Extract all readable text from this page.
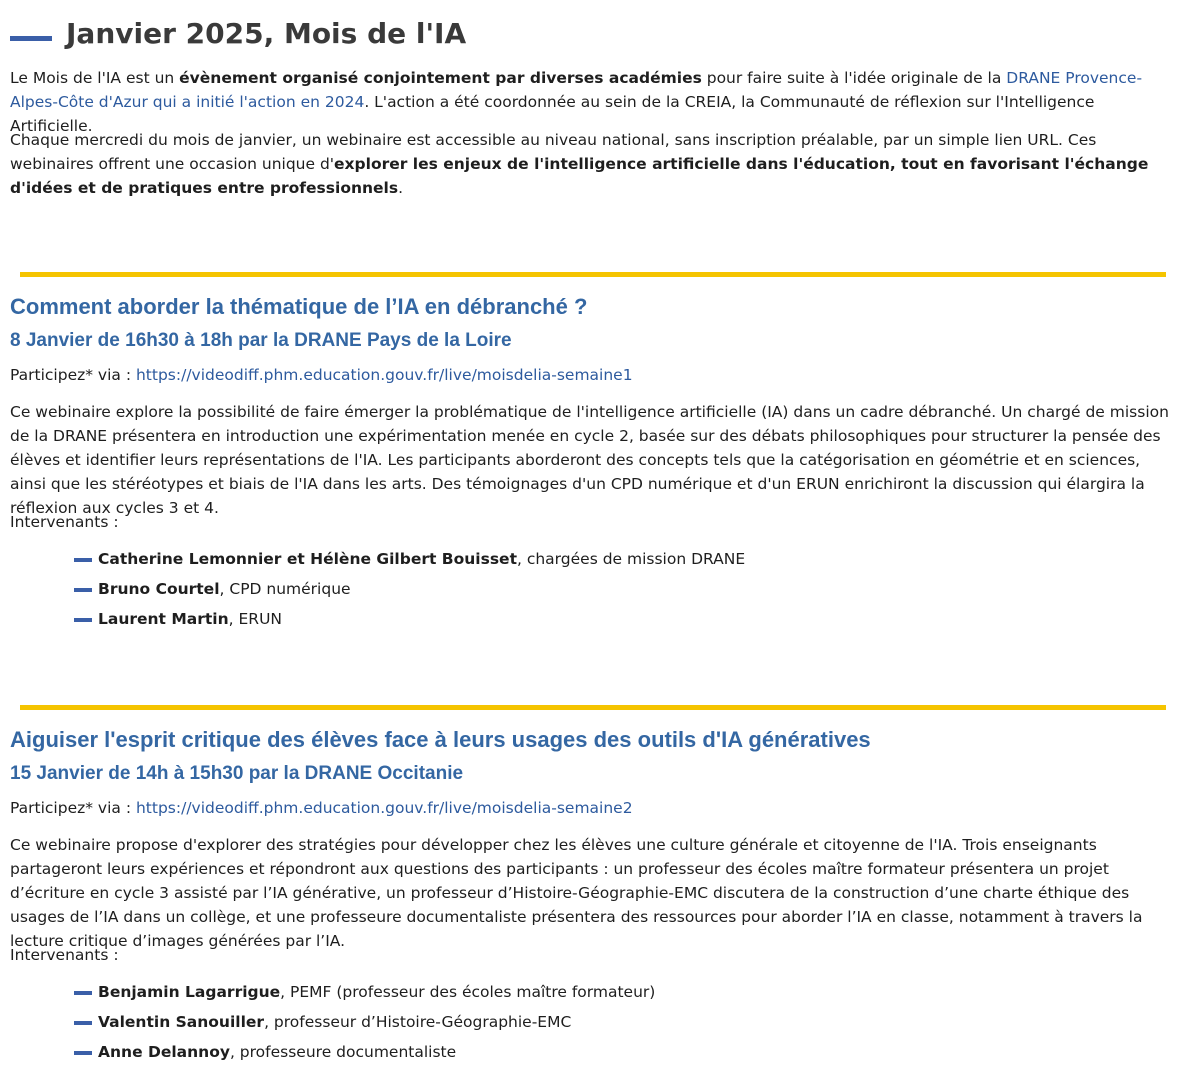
Janvier 2025, Mois de l'IA

Le Mois de l'IA est un évènement organisé conjointement par diverses académies pour faire suite à l'idée originale de la DRANE Provence-Alpes-Côte d'Azur qui a initié l'action en 2024. L'action a été coordonnée au sein de la CREIA, la Communauté de réflexion sur l'Intelligence Artificielle.

Chaque mercredi du mois de janvier, un webinaire est accessible au niveau national, sans inscription préalable, par un simple lien URL. Ces webinaires offrent une occasion unique d'explorer les enjeux de l'intelligence artificielle dans l'éducation, tout en favorisant l'échange d'idées et de pratiques entre professionnels.

Comment aborder la thématique de l’IA en débranché ?
8 Janvier de 16h30 à 18h par la DRANE Pays de la Loire
Participez* via : https://videodiff.phm.education.gouv.fr/live/moisdelia-semaine1

Ce webinaire explore la possibilité de faire émerger la problématique de l'intelligence artificielle (IA) dans un cadre débranché. Un chargé de mission de la DRANE présentera en introduction une expérimentation menée en cycle 2, basée sur des débats philosophiques pour structurer la pensée des élèves et identifier leurs représentations de l'IA. Les participants aborderont des concepts tels que la catégorisation en géométrie et en sciences, ainsi que les stéréotypes et biais de l'IA dans les arts. Des témoignages d'un CPD numérique et d'un ERUN enrichiront la discussion qui élargira la réflexion aux cycles 3 et 4.

Intervenants :
Catherine Lemonnier et Hélène Gilbert Bouisset, chargées de mission DRANE
Bruno Courtel, CPD numérique
Laurent Martin, ERUN
Aiguiser l'esprit critique des élèves face à leurs usages des outils d'IA génératives
15 Janvier de 14h à 15h30 par la DRANE Occitanie
Participez* via : https://videodiff.phm.education.gouv.fr/live/moisdelia-semaine2

Ce webinaire propose d'explorer des stratégies pour développer chez les élèves une culture générale et citoyenne de l'IA. Trois enseignants partageront leurs expériences et répondront aux questions des participants : un professeur des écoles maître formateur présentera un projet d’écriture en cycle 3 assisté par l’IA générative, un professeur d’Histoire-Géographie-EMC discutera de la construction d’une charte éthique des usages de l’IA dans un collège, et une professeure documentaliste présentera des ressources pour aborder l’IA en classe, notamment à travers la lecture critique d’images générées par l’IA.

Intervenants :
Benjamin Lagarrigue, PEMF (professeur des écoles maître formateur)
Valentin Sanouiller, professeur d’Histoire-Géographie-EMC
Anne Delannoy, professeure documentaliste
